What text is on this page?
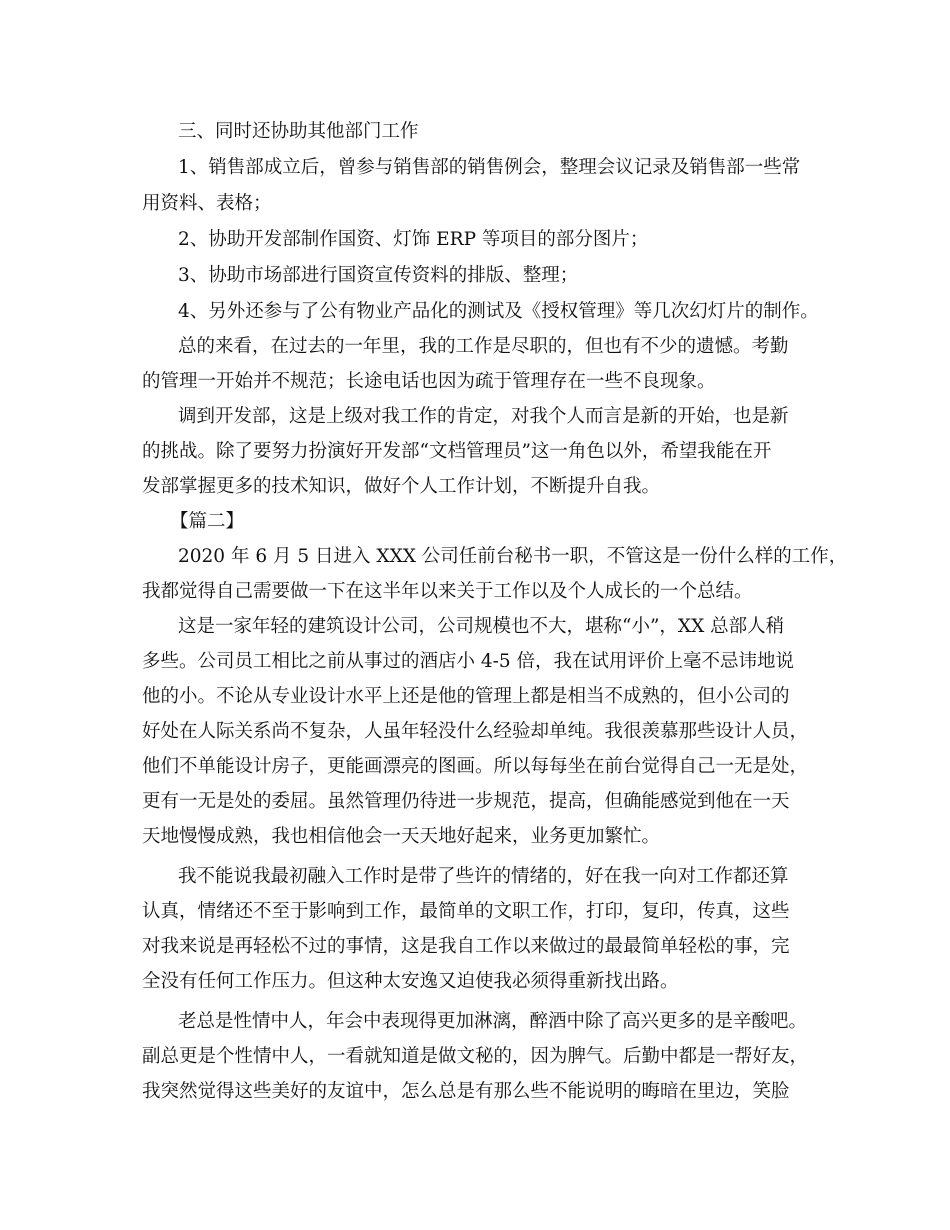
三、同时还协助其他部门工作
1、销售部成立后，曾参与销售部的销售例会，整理会议记录及销售部一些常
用资料、表格；
2、协助开发部制作国资、灯饰 ERP 等项目的部分图片；
3、协助市场部进行国资宣传资料的排版、整理；
4、另外还参与了公有物业产品化的测试及《授权管理》等几次幻灯片的制作。
总的来看，在过去的一年里，我的工作是尽职的，但也有不少的遗憾。考勤
的管理一开始并不规范；长途电话也因为疏于管理存在一些不良现象。
调到开发部，这是上级对我工作的肯定，对我个人而言是新的开始，也是新
的挑战。除了要努力扮演好开发部“文档管理员”这一角色以外，希望我能在开
发部掌握更多的技术知识，做好个人工作计划，不断提升自我。
【篇二】
2020 年 6 月 5 日进入 XXX 公司任前台秘书一职，不管这是一份什么样的工作，
我都觉得自己需要做一下在这半年以来关于工作以及个人成长的一个总结。
这是一家年轻的建筑设计公司，公司规模也不大，堪称“小”，XX 总部人稍
多些。公司员工相比之前从事过的酒店小 4-5 倍，我在试用评价上毫不忌讳地说
他的小。不论从专业设计水平上还是他的管理上都是相当不成熟的，但小公司的
好处在人际关系尚不复杂，人虽年轻没什么经验却单纯。我很羡慕那些设计人员，
他们不单能设计房子，更能画漂亮的图画。所以每每坐在前台觉得自己一无是处，
更有一无是处的委屈。虽然管理仍待进一步规范，提高，但确能感觉到他在一天
天地慢慢成熟，我也相信他会一天天地好起来，业务更加繁忙。
我不能说我最初融入工作时是带了些许的情绪的，好在我一向对工作都还算
认真，情绪还不至于影响到工作，最简单的文职工作，打印，复印，传真，这些
对我来说是再轻松不过的事情，这是我自工作以来做过的最最简单轻松的事，完
全没有任何工作压力。但这种太安逸又迫使我必须得重新找出路。
老总是性情中人，年会中表现得更加淋漓，醉酒中除了高兴更多的是辛酸吧。
副总更是个性情中人，一看就知道是做文秘的，因为脾气。后勤中都是一帮好友，
我突然觉得这些美好的友谊中，怎么总是有那么些不能说明的晦暗在里边，笑脸
